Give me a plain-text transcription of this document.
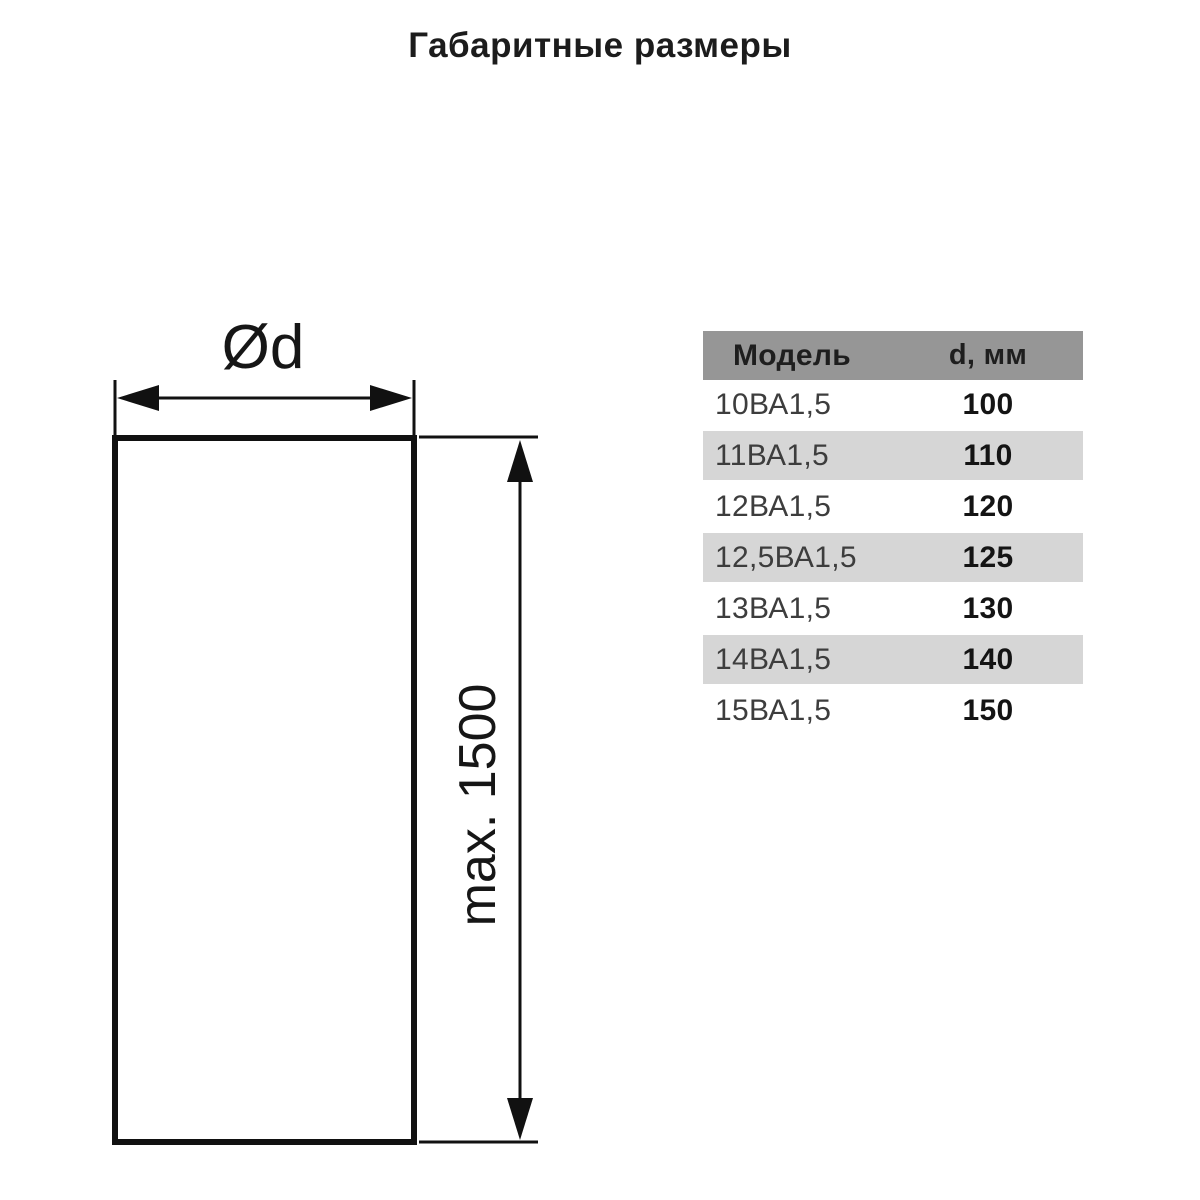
Габаритные размеры
Ød
max. 1500
Модель	d, мм
10ВА1,5	100
11ВА1,5	110
12ВА1,5	120
12,5ВА1,5	125
13ВА1,5	130
14ВА1,5	140
15ВА1,5	150
